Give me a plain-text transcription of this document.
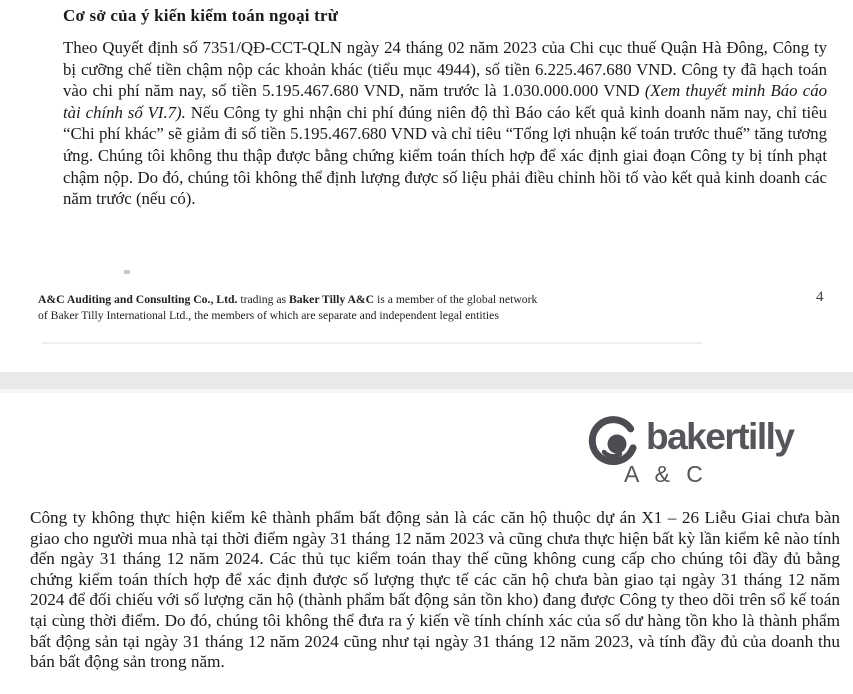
Cơ sở của ý kiến kiểm toán ngoại trừ
Theo Quyết định số 7351/QĐ-CCT-QLN ngày 24 tháng 02 năm 2023 của Chi cục thuế Quận Hà Đông, Công ty bị cưỡng chế tiền chậm nộp các khoản khác (tiểu mục 4944), số tiền 6.225.467.680 VND. Công ty đã hạch toán vào chi phí năm nay, số tiền 5.195.467.680 VND, năm trước là 1.030.000.000 VND (Xem thuyết minh Báo cáo tài chính số VI.7). Nếu Công ty ghi nhận chi phí đúng niên độ thì Báo cáo kết quả kinh doanh năm nay, chỉ tiêu “Chi phí khác” sẽ giảm đi số tiền 5.195.467.680 VND và chỉ tiêu “Tổng lợi nhuận kế toán trước thuế” tăng tương ứng. Chúng tôi không thu thập được bằng chứng kiểm toán thích hợp để xác định giai đoạn Công ty bị tính phạt chậm nộp. Do đó, chúng tôi không thể định lượng được số liệu phải điều chỉnh hồi tố vào kết quả kinh doanh các năm trước (nếu có).
A&C Auditing and Consulting Co., Ltd. trading as Baker Tilly A&C is a member of the global network
of Baker Tilly International Ltd., the members of which are separate and independent legal entities
4
bakertilly
A & C
Công ty không thực hiện kiểm kê thành phẩm bất động sản là các căn hộ thuộc dự án X1 – 26 Liễu Giai chưa bàn giao cho người mua nhà tại thời điểm ngày 31 tháng 12 năm 2023 và cũng chưa thực hiện bất kỳ lần kiểm kê nào tính đến ngày 31 tháng 12 năm 2024. Các thủ tục kiểm toán thay thế cũng không cung cấp cho chúng tôi đầy đủ bằng chứng kiểm toán thích hợp để xác định được số lượng thực tế các căn hộ chưa bàn giao tại ngày 31 tháng 12 năm 2024 để đối chiếu với số lượng căn hộ (thành phẩm bất động sản tồn kho) đang được Công ty theo dõi trên sổ kế toán tại cùng thời điểm. Do đó, chúng tôi không thể đưa ra ý kiến về tính chính xác của số dư hàng tồn kho là thành phẩm bất động sản tại ngày 31 tháng 12 năm 2024 cũng như tại ngày 31 tháng 12 năm 2023, và tính đầy đủ của doanh thu bán bất động sản trong năm.
